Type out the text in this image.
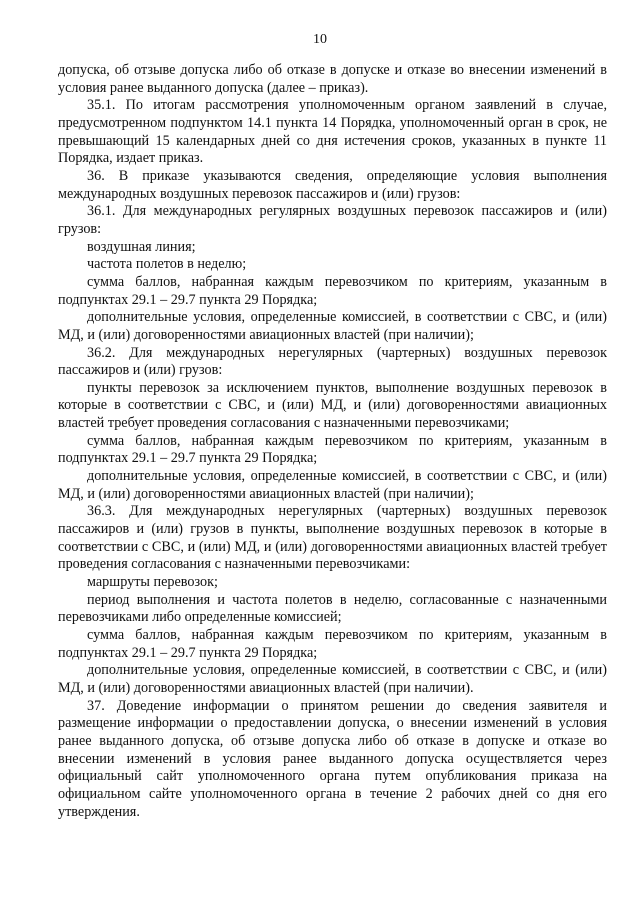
10

допуска, об отзыве допуска либо об отказе в допуске и отказе во внесении изменений в условия ранее выданного допуска (далее – приказ).

35.1. По итогам рассмотрения уполномоченным органом заявлений в случае, предусмотренном подпунктом 14.1 пункта 14 Порядка, уполномоченный орган в срок, не превышающий 15 календарных дней со дня истечения сроков, указанных в пункте 11 Порядка, издает приказ.

36. В приказе указываются сведения, определяющие условия выполнения международных воздушных перевозок пассажиров и (или) грузов:

36.1. Для международных регулярных воздушных перевозок пассажиров и (или) грузов:

воздушная линия;

частота полетов в неделю;

сумма баллов, набранная каждым перевозчиком по критериям, указанным в подпунктах 29.1 – 29.7 пункта 29 Порядка;

дополнительные условия, определенные комиссией, в соответствии с СВС, и (или) МД, и (или) договоренностями авиационных властей (при наличии);

36.2. Для международных нерегулярных (чартерных) воздушных перевозок пассажиров и (или) грузов:

пункты перевозок за исключением пунктов, выполнение воздушных перевозок в которые в соответствии с СВС, и (или) МД, и (или) договоренностями авиационных властей требует проведения согласования с назначенными перевозчиками;

сумма баллов, набранная каждым перевозчиком по критериям, указанным в подпунктах 29.1 – 29.7 пункта 29 Порядка;

дополнительные условия, определенные комиссией, в соответствии с СВС, и (или) МД, и (или) договоренностями авиационных властей (при наличии);

36.3. Для международных нерегулярных (чартерных) воздушных перевозок пассажиров и (или) грузов в пункты, выполнение воздушных перевозок в которые в соответствии с СВС, и (или) МД, и (или) договоренностями авиационных властей требует проведения согласования с назначенными перевозчиками:

маршруты перевозок;

период выполнения и частота полетов в неделю, согласованные с назначенными перевозчиками либо определенные комиссией;

сумма баллов, набранная каждым перевозчиком по критериям, указанным в подпунктах 29.1 – 29.7 пункта 29 Порядка;

дополнительные условия, определенные комиссией, в соответствии с СВС, и (или) МД, и (или) договоренностями авиационных властей (при наличии).

37. Доведение информации о принятом решении до сведения заявителя и размещение информации о предоставлении допуска, о внесении изменений в условия ранее выданного допуска, об отзыве допуска либо об отказе в допуске и отказе во внесении изменений в условия ранее выданного допуска осуществляется через официальный сайт уполномоченного органа путем опубликования приказа на официальном сайте уполномоченного органа в течение 2 рабочих дней со дня его утверждения.
